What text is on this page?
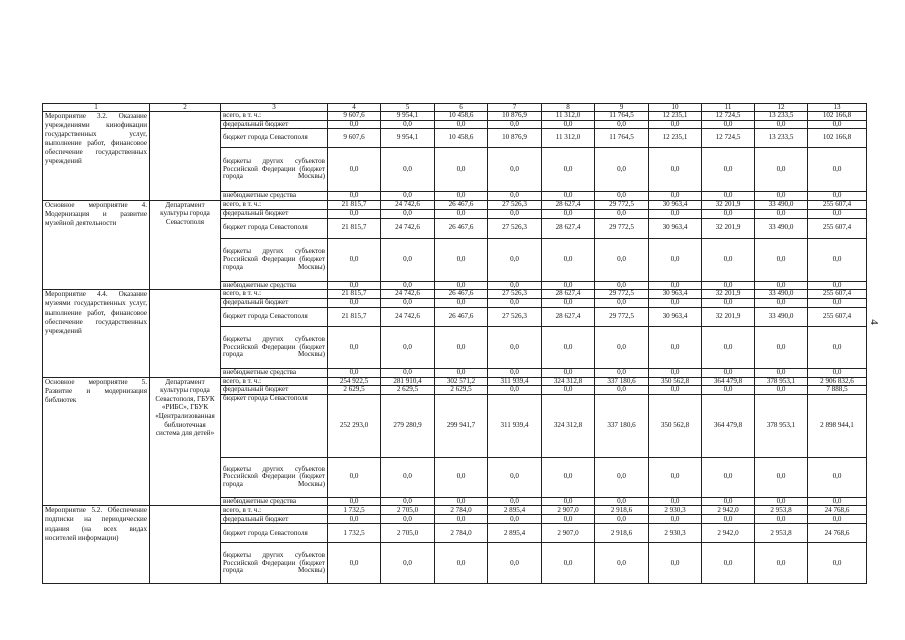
1	2	3	4	5	6	7	8	9	10	11	12	13
Мероприятие 3.2. Оказание учреждениями кинофикации государственных услуг, выполнение работ, финансовое обеспечение государственных учреждений		всего, в т. ч.:	9 607,6	9 954,1	10 458,6	10 876,9	11 312,0	11 764,5	12 235,1	12 724,5	13 233,5	102 166,8
		федеральный бюджет	0,0	0,0	0,0	0,0	0,0	0,0	0,0	0,0	0,0	0,0
		бюджет города Севастополя	9 607,6	9 954,1	10 458,6	10 876,9	11 312,0	11 764,5	12 235,1	12 724,5	13 233,5	102 166,8
		бюджеты других субъектов Российской Федерации (бюджет города Москвы)	0,0	0,0	0,0	0,0	0,0	0,0	0,0	0,0	0,0	0,0
		внебюджетные средства	0,0	0,0	0,0	0,0	0,0	0,0	0,0	0,0	0,0	0,0
Основное мероприятие 4. Модернизация и развитие музейной деятельности	Департамент культуры города Севастополя	всего, в т. ч.:	21 815,7	24 742,6	26 467,6	27 526,3	28 627,4	29 772,5	30 963,4	32 201,9	33 490,0	255 607,4
		федеральный бюджет	0,0	0,0	0,0	0,0	0,0	0,0	0,0	0,0	0,0	0,0
		бюджет города Севастополя	21 815,7	24 742,6	26 467,6	27 526,3	28 627,4	29 772,5	30 963,4	32 201,9	33 490,0	255 607,4
		бюджеты других субъектов Российской Федерации (бюджет города Москвы)	0,0	0,0	0,0	0,0	0,0	0,0	0,0	0,0	0,0	0,0
		внебюджетные средства	0,0	0,0	0,0	0,0	0,0	0,0	0,0	0,0	0,0	0,0
Мероприятие 4.4. Оказание музеями государственных услуг, выполнение работ, финансовое обеспечение государственных учреждений		всего, в т. ч.:	21 815,7	24 742,6	26 467,6	27 526,3	28 627,4	29 772,5	30 963,4	32 201,9	33 490,0	255 607,4
		федеральный бюджет	0,0	0,0	0,0	0,0	0,0	0,0	0,0	0,0	0,0	0,0
		бюджет города Севастополя	21 815,7	24 742,6	26 467,6	27 526,3	28 627,4	29 772,5	30 963,4	32 201,9	33 490,0	255 607,4
		бюджеты других субъектов Российской Федерации (бюджет города Москвы)	0,0	0,0	0,0	0,0	0,0	0,0	0,0	0,0	0,0	0,0
		внебюджетные средства	0,0	0,0	0,0	0,0	0,0	0,0	0,0	0,0	0,0	0,0
Основное мероприятие 5. Развитие и модернизация библиотек	Департамент культуры города Севастополя, ГБУК «РИБС», ГБУК «Централизованная библиотечная система для детей»	всего, в т. ч.:	254 922,5	281 910,4	302 571,2	311 939,4	324 312,8	337 180,6	350 562,8	364 479,8	378 953,1	2 906 832,6
		федеральный бюджет	2 629,5	2 629,5	2 629,5	0,0	0,0	0,0	0,0	0,0	0,0	7 888,5
		бюджет города Севастополя	252 293,0	279 280,9	299 941,7	311 939,4	324 312,8	337 180,6	350 562,8	364 479,8	378 953,1	2 898 944,1
		бюджеты других субъектов Российской Федерации (бюджет города Москвы)	0,0	0,0	0,0	0,0	0,0	0,0	0,0	0,0	0,0	0,0
		внебюджетные средства	0,0	0,0	0,0	0,0	0,0	0,0	0,0	0,0	0,0	0,0
Мероприятие 5.2. Обеспечение подписки на периодические издания (на всех видах носителей информации)		всего, в т. ч.:	1 732,5	2 705,0	2 784,0	2 895,4	2 907,0	2 918,6	2 930,3	2 942,0	2 953,8	24 768,6
		федеральный бюджет	0,0	0,0	0,0	0,0	0,0	0,0	0,0	0,0	0,0	0,0
		бюджет города Севастополя	1 732,5	2 705,0	2 784,0	2 895,4	2 907,0	2 918,6	2 930,3	2 942,0	2 953,8	24 768,6
		бюджеты других субъектов Российской Федерации (бюджет города Москвы)	0,0	0,0	0,0	0,0	0,0	0,0	0,0	0,0	0,0	0,0
4
